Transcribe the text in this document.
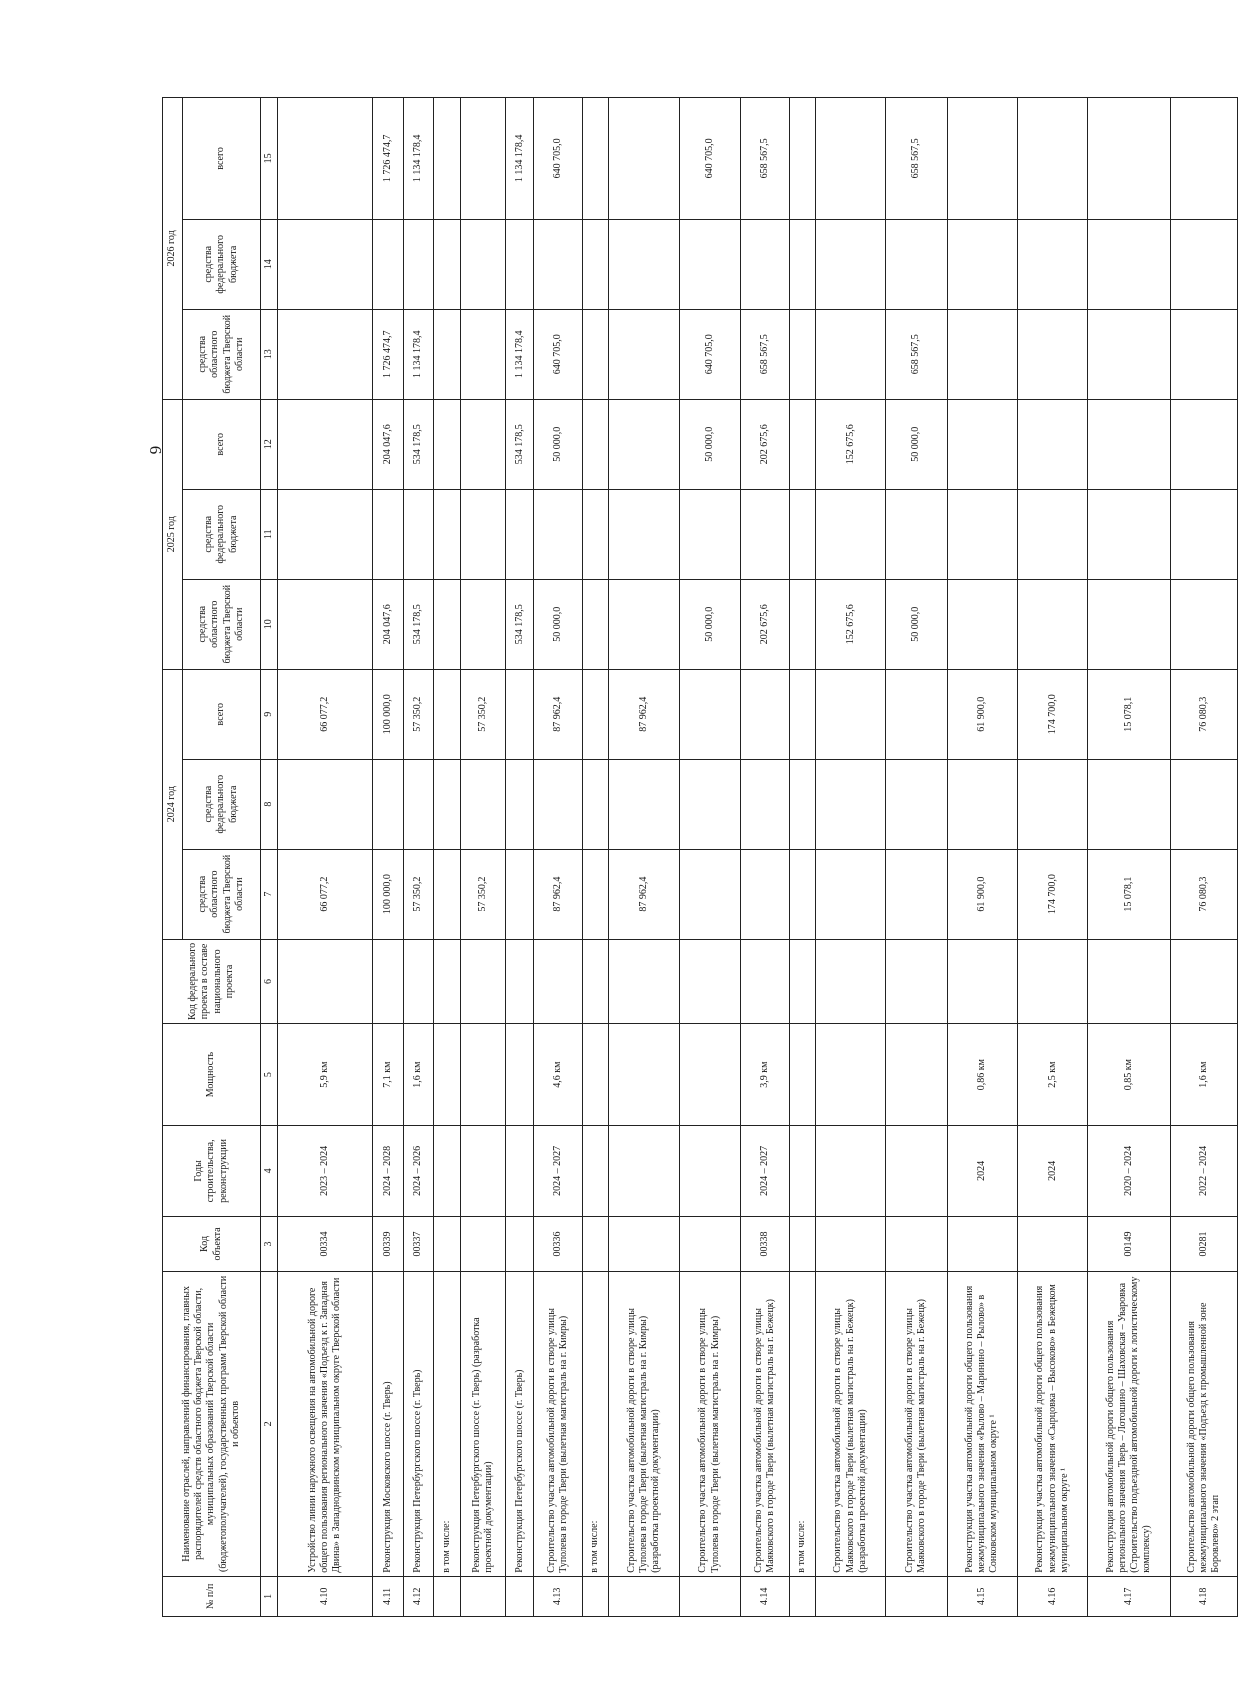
6
№ п/п	Наименование отраслей, направлений финансирования, главных распорядителей средств областного бюджета Тверской области, муниципальных образований Тверской области (бюджетополучателей), государственных программ Тверской области и объектов	Код объекта	Годы строительства, реконструкции	Мощность	Код федерального проекта в составе национального проекта	2024 год			2025 год			2026 год		
						средства областного бюджета Тверской области	средства федерального бюджета	всего	средства областного бюджета Тверской области	средства федерального бюджета	всего	средства областного бюджета Тверской области	средства федерального бюджета	всего
1	2	3	4	5	6	7	8	9	10	11	12	13	14	15
4.10	Устройство линии наружного освещения на автомобильной дороге общего пользования регионального значения «Подъезд к г. Западная Двина» в Западнодвинском муниципальном округе Тверской области	00334	2023 – 2024	5,9 км		66 077,2		66 077,2						
4.11	Реконструкция Московского шоссе (г. Тверь)	00339	2024 – 2028	7,1 км		100 000,0		100 000,0	204 047,6		204 047,6	1 726 474,7		1 726 474,7
4.12	Реконструкция Петербургского шоссе (г. Тверь)	00337	2024 – 2026	1,6 км		57 350,2		57 350,2	534 178,5		534 178,5	1 134 178,4		1 134 178,4
	в том числе:													
	Реконструкция Петербургского шоссе (г. Тверь) (разработка проектной документации)					57 350,2		57 350,2						
	Реконструкция Петербургского шоссе (г. Тверь)								534 178,5		534 178,5	1 134 178,4		1 134 178,4
4.13	Строительство участка автомобильной дороги в створе улицы Туполева в городе Твери (вылетная магистраль на г. Кимры)	00336	2024 – 2027	4,6 км		87 962,4		87 962,4	50 000,0		50 000,0	640 705,0		640 705,0
	в том числе:													
	Строительство участка автомобильной дороги в створе улицы Туполева в городе Твери (вылетная магистраль на г. Кимры) (разработка проектной документации)					87 962,4		87 962,4						
	Строительство участка автомобильной дороги в створе улицы Туполева в городе Твери (вылетная магистраль на г. Кимры)								50 000,0		50 000,0	640 705,0		640 705,0
4.14	Строительство участка автомобильной дороги в створе улицы Маяковского в городе Твери (вылетная магистраль на г. Бежецк)	00338	2024 – 2027	3,9 км					202 675,6		202 675,6	658 567,5		658 567,5
	в том числе:													
	Строительство участка автомобильной дороги в створе улицы Маяковского в городе Твери (вылетная магистраль на г. Бежецк) (разработка проектной документации)								152 675,6		152 675,6			
	Строительство участка автомобильной дороги в створе улицы Маяковского в городе Твери (вылетная магистраль на г. Бежецк)								50 000,0		50 000,0	658 567,5		658 567,5
4.15	Реконструкция участка автомобильной дороги общего пользования межмуниципального значения «Рылово – Маринино – Рылово» в Сонковском муниципальном округе ¹		2024	0,86 км		61 900,0		61 900,0						
4.16	Реконструкция участка автомобильной дороги общего пользования межмуниципального значения «Сырцовка – Высоково» в Бежецком муниципальном округе ¹		2024	2,5 км		174 700,0		174 700,0						
4.17	Реконструкция автомобильной дороги общего пользования регионального значения Тверь – Лотошино – Шаховская – Уваровка (Строительство подъездной автомобильной дороги к логистическому комплексу)	00149	2020 – 2024	0,85 км		15 078,1		15 078,1						
4.18	Строительство автомобильной дороги общего пользования межмуниципального значения «Подъезд к промышленной зоне Боровлево» 2 этап	00281	2022 – 2024	1,6 км		76 080,3		76 080,3						
